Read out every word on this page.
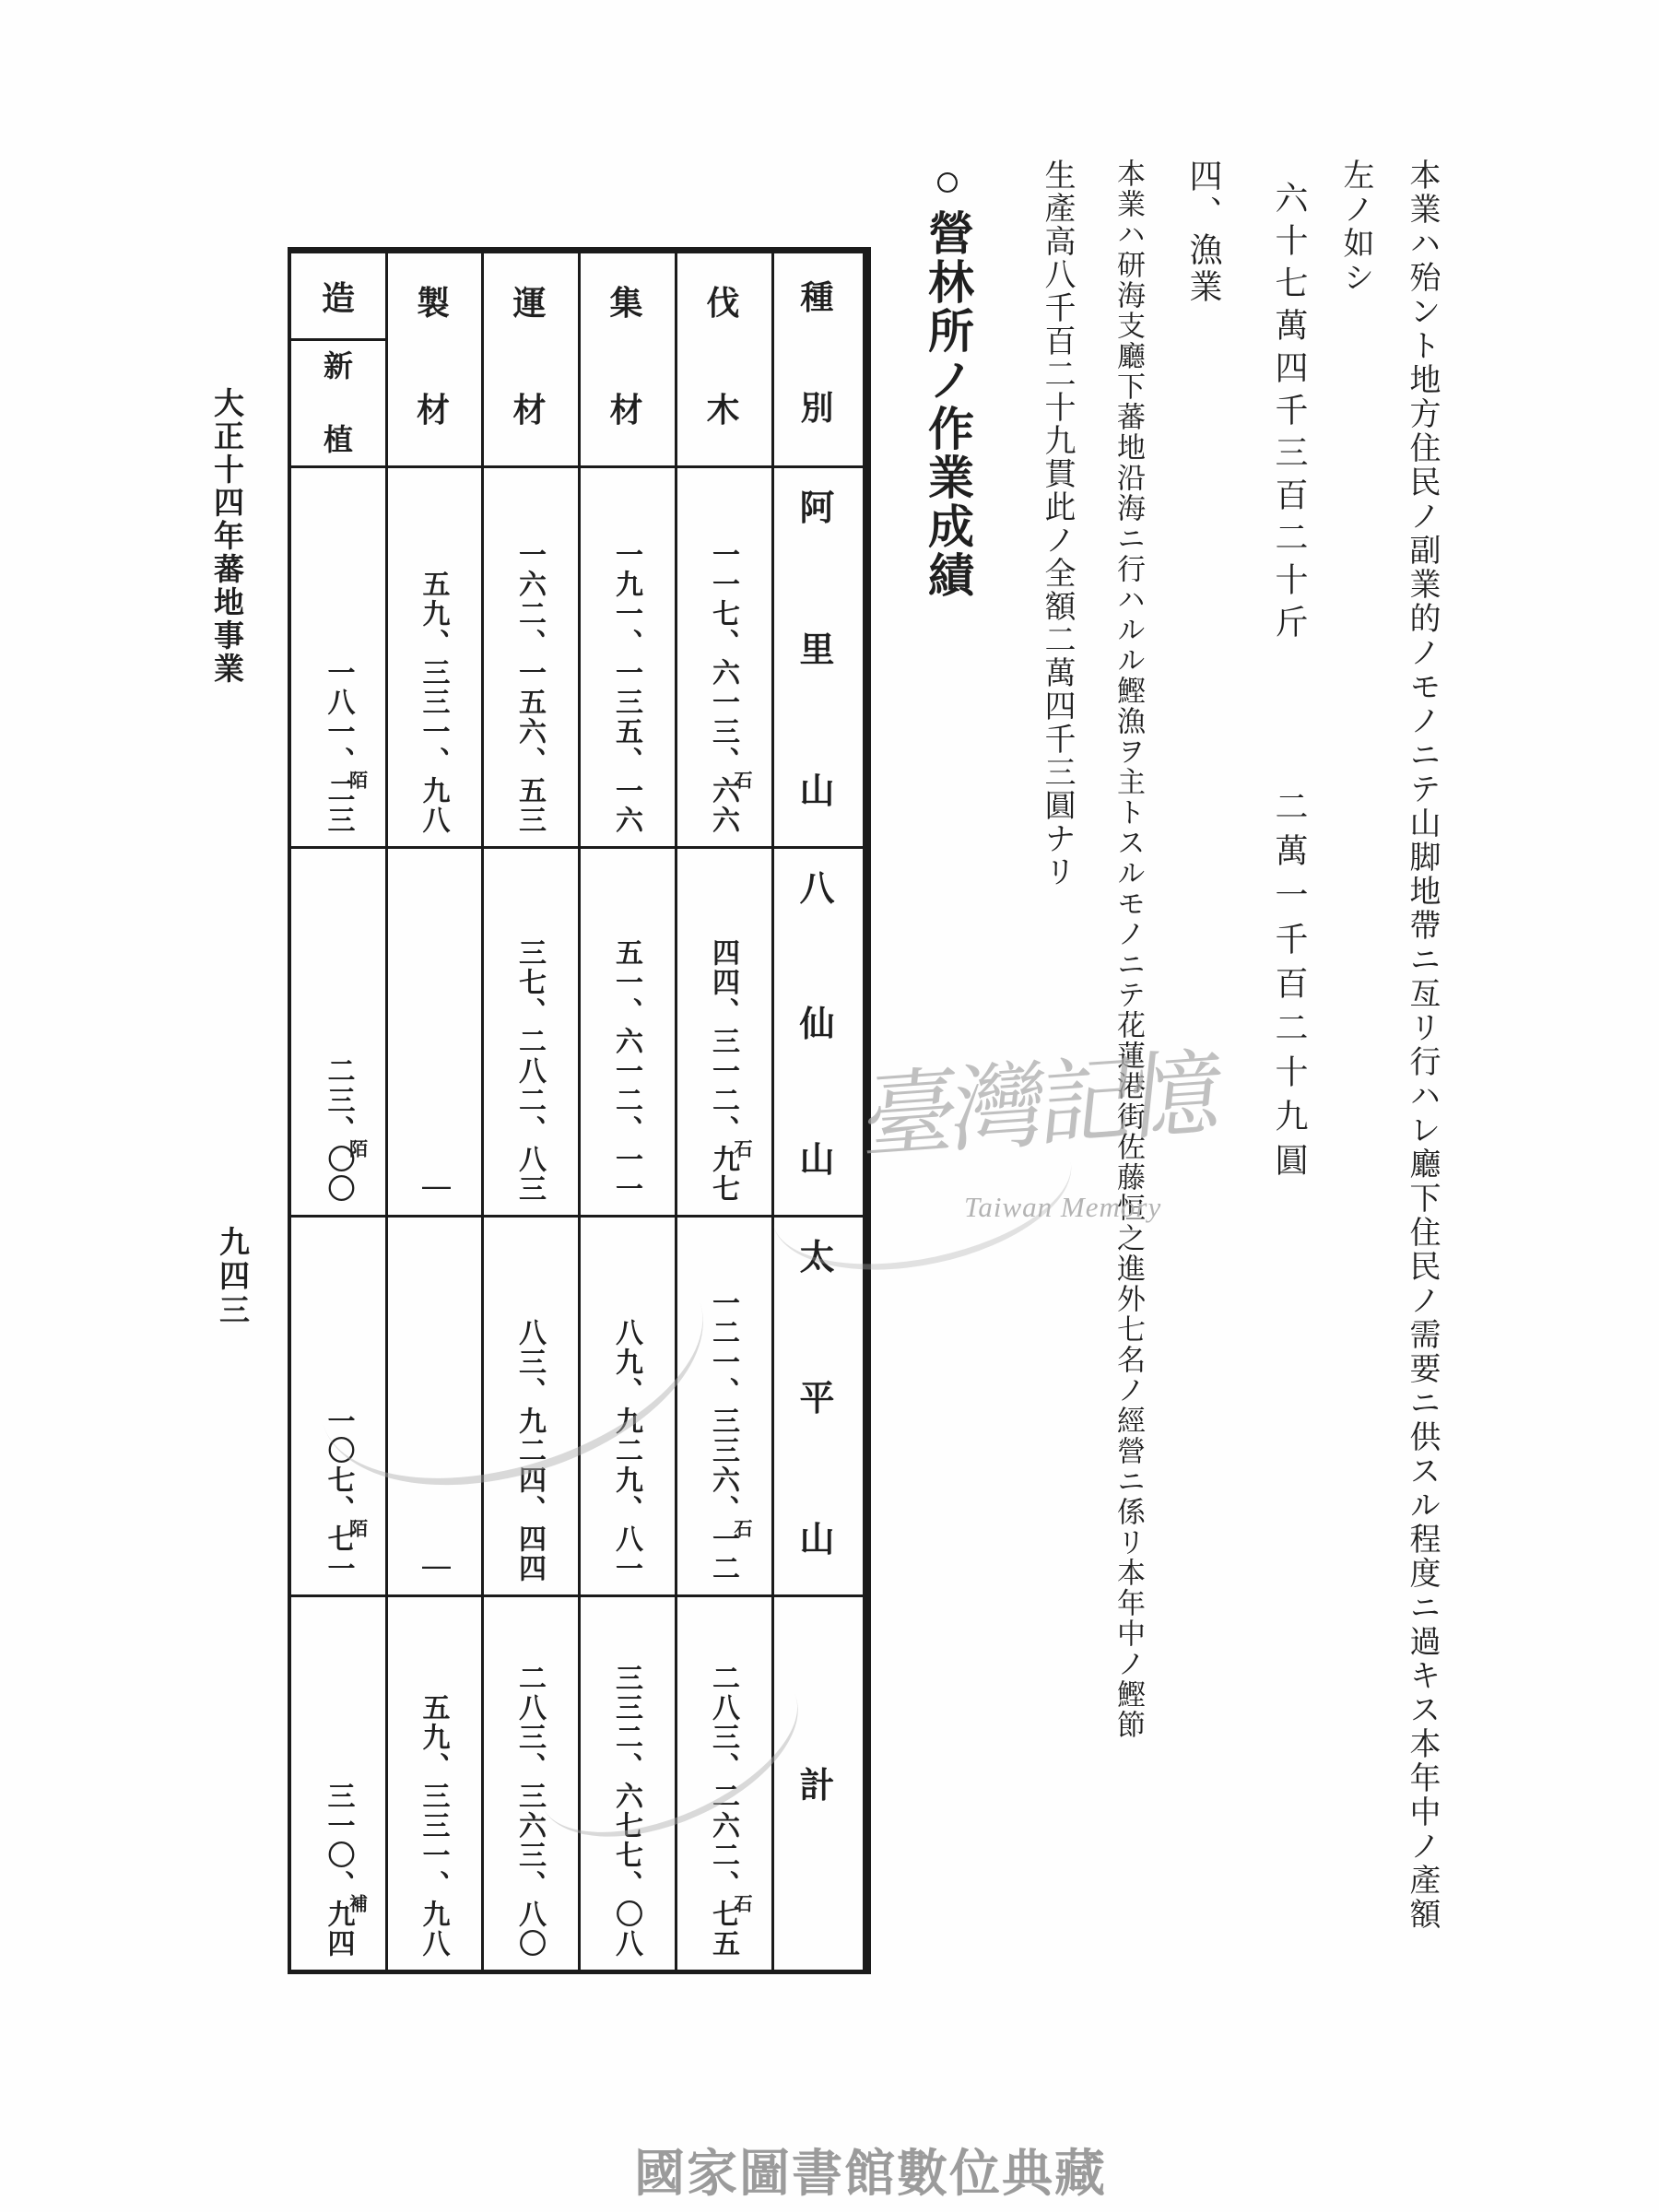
本業ハ殆ント地方住民ノ副業的ノモノニテ山脚地帶ニ亙リ行ハレ廳下住民ノ需要ニ供スル程度ニ過キス本年中ノ產額
左ノ如シ
六十七萬四千三百二十斤
二萬一千百二十九圓
四、漁業
本業ハ研海支廳下蕃地沿海ニ行ハルル鰹漁ヲ主トスルモノニテ花蓮港街佐藤恒之進外七名ノ經營ニ係リ本年中ノ鰹節
生產高八千百二十九貫此ノ全額二萬四千三圓ナリ
○營林所ノ作業成績
大正十四年蕃地事業
九四三
種
別
伐
木
集
材
運
材
製
材
造
新
植
阿
里
山
八
仙
山
太
平
山
計
一一七、六一三、石六六
四四、三一二、石九七
一二一、三三六、石一二
二八三、二六二、石七五
一九一、一三五、一六
五一、六一二、一一
八九、九二九、八一
三三二、六七七、〇八
一六二、一五六、五三
三七、二八二、八三
八三、九二四、四四
二八三、三六三、八〇
五九、三三一、九八
｜
｜
五九、三三一、九八
一八一、陌二三
二三、陌〇〇
一〇七、陌七一
三一〇、補九四
臺灣記憶
Taiwan Memory
國家圖書館數位典藏
